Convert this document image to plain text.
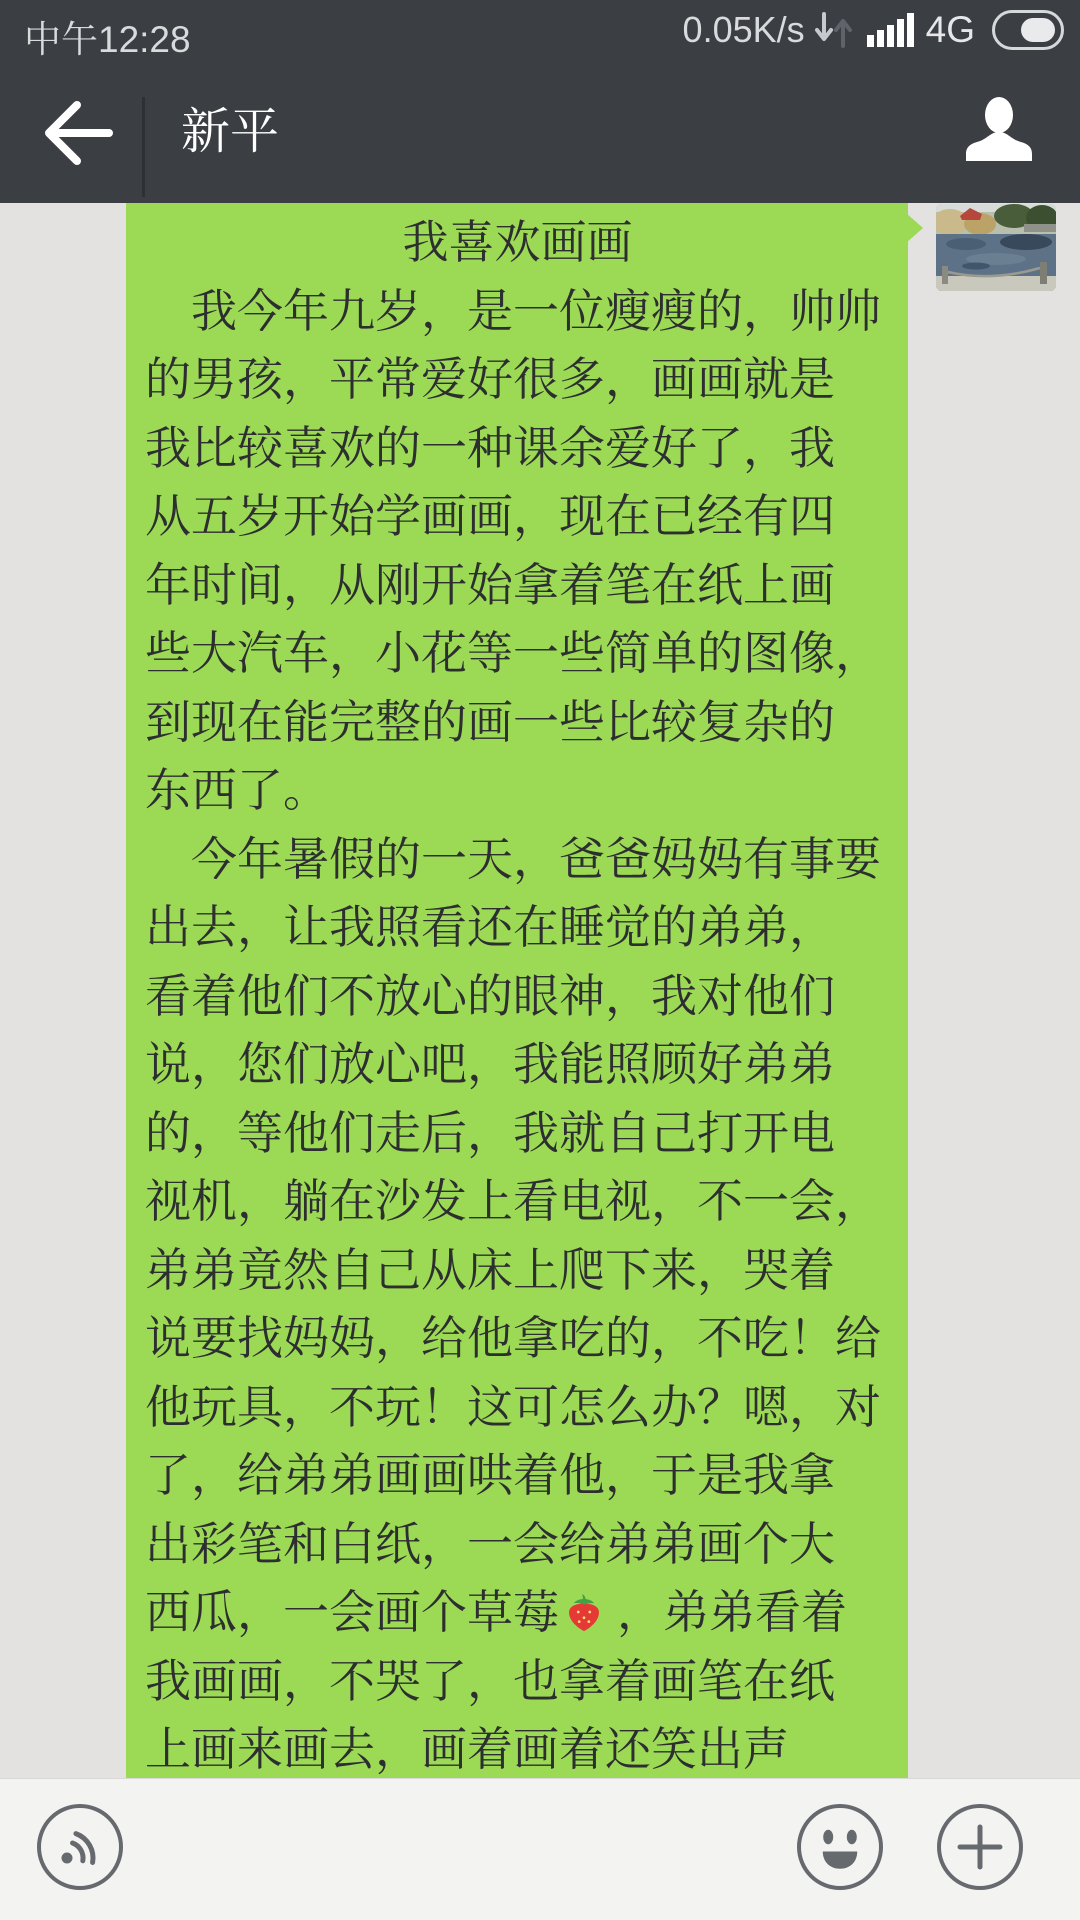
中午12:28	0.05K/s	4G
新平
我喜欢画画
我今年九岁，是一位瘦瘦的，帅帅
的男孩，平常爱好很多，画画就是
我比较喜欢的一种课余爱好了，我
从五岁开始学画画，现在已经有四
年时间，从刚开始拿着笔在纸上画
些大汽车，小花等一些简单的图像，
到现在能完整的画一些比较复杂的
东西了。
今年暑假的一天，爸爸妈妈有事要
出去，让我照看还在睡觉的弟弟，
看着他们不放心的眼神，我对他们
说，您们放心吧，我能照顾好弟弟
的，等他们走后，我就自己打开电
视机，躺在沙发上看电视，不一会，
弟弟竟然自己从床上爬下来，哭着
说要找妈妈，给他拿吃的，不吃！给
他玩具，不玩！这可怎么办？嗯，对
了，给弟弟画画哄着他，于是我拿
出彩笔和白纸，一会给弟弟画个大
西瓜，一会画个草莓 ，弟弟看着
我画画，不哭了，也拿着画笔在纸
上画来画去，画着画着还笑出声
